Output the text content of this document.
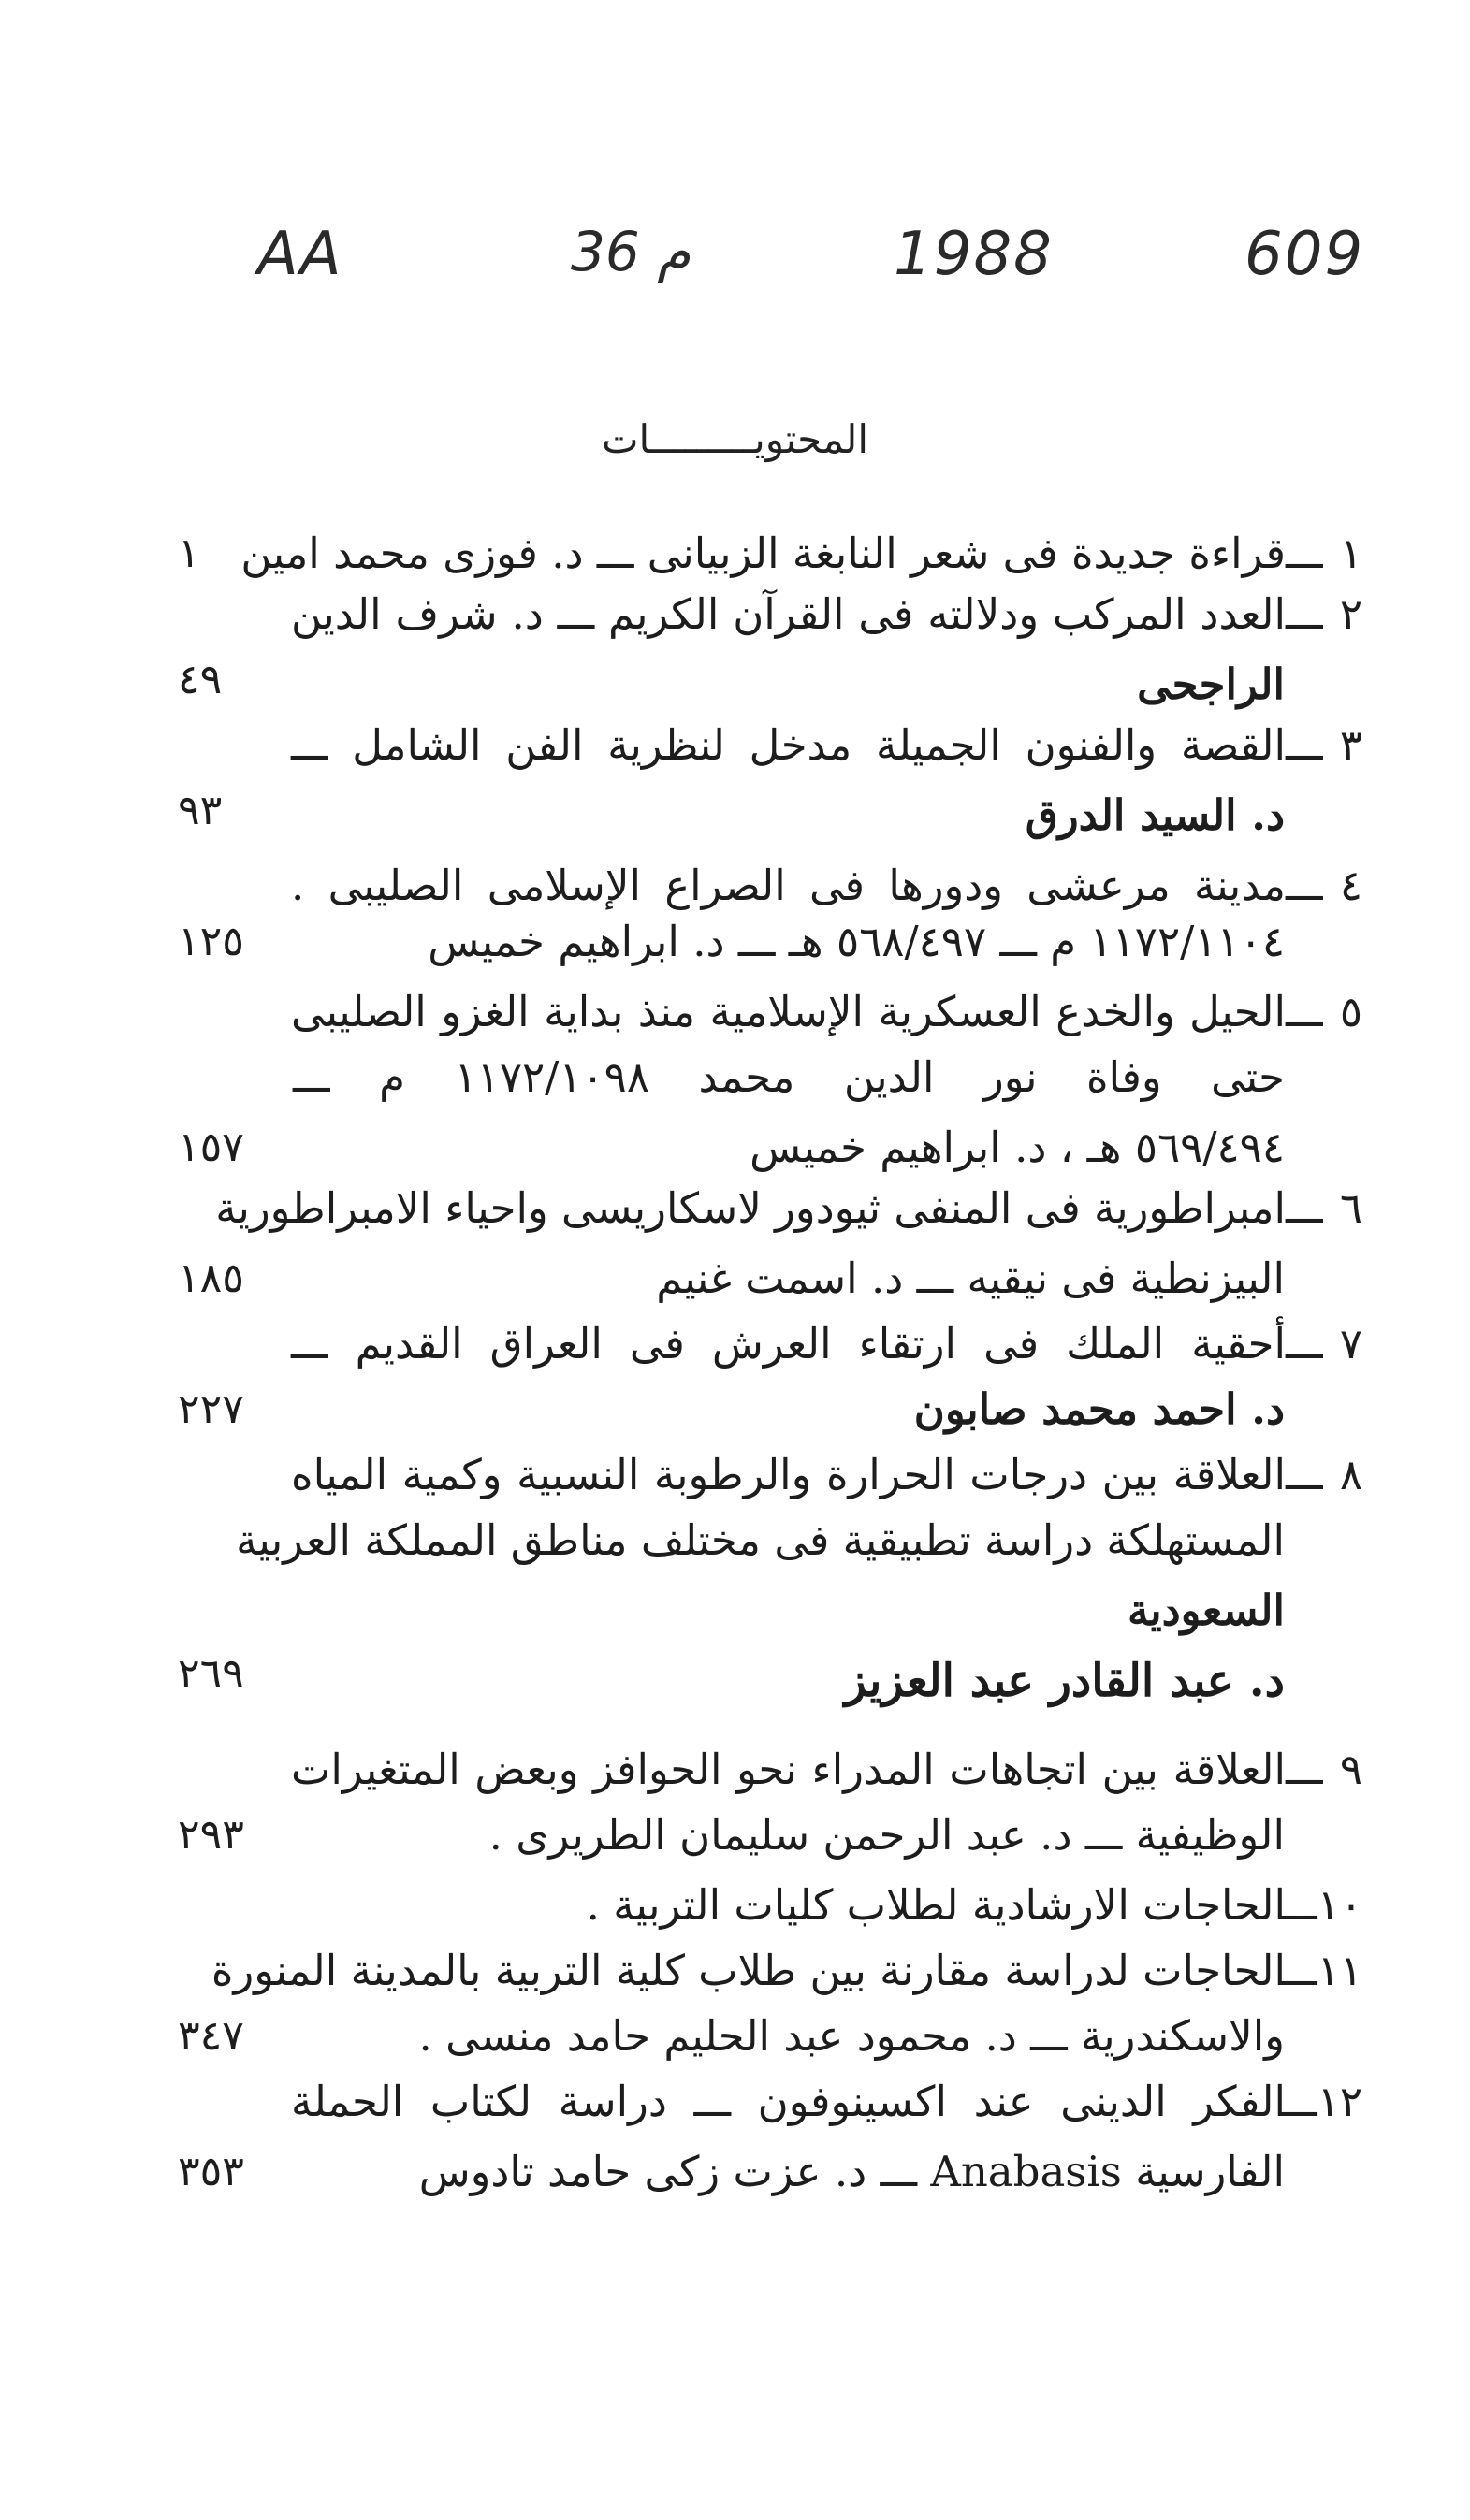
AA	36 م	1988	609
المحتويـــــــــات
١ ـــقراءة جديدة فى شعر النابغة الزبيانى ـــ د. فوزى محمد امين
١
٢ ـــالعدد المركب ودلالته فى القرآن الكريم ـــ د. شرف الدين
الراجحى
٤٩
٣ ـــالقصة والفنون الجميلة مدخل لنظرية الفن الشامل ـــ
د. السيد الدرق
٩٣
٤ ـــمدينة مرعشى ودورها فى الصراع الإسلامى الصليبى .
١١٧٢/١١٠٤ م ـــ ٥٦٨/٤٩٧ هـ ـــ د. ابراهيم خميس
١٢٥
٥ ـــالحيل والخدع العسكرية الإسلامية منذ بداية الغزو الصليبى
حتى وفاة نور الدين محمد ١١٧٢/١٠٩٨ م ـــ
٥٦٩/٤٩٤ هـ ، د. ابراهيم خميس
١٥٧
٦ ـــامبراطورية فى المنفى ثيودور لاسكاريسى واحياء الامبراطورية
البيزنطية فى نيقيه ـــ د. اسمت غنيم
١٨٥
٧ ـــأحقية الملك فى ارتقاء العرش فى العراق القديم ـــ
د. احمد محمد صابون
٢٢٧
٨ ـــالعلاقة بين درجات الحرارة والرطوبة النسبية وكمية المياه
المستهلكة دراسة تطبيقية فى مختلف مناطق المملكة العربية
السعودية
د. عبد القادر عبد العزيز
٢٦٩
٩ ـــالعلاقة بين اتجاهات المدراء نحو الحوافز وبعض المتغيرات
الوظيفية ـــ د. عبد الرحمن سليمان الطريرى .
٢٩٣
١٠ـــالحاجات الارشادية لطلاب كليات التربية .
١١ـــالحاجات لدراسة مقارنة بين طلاب كلية التربية بالمدينة المنورة
والاسكندرية ـــ د. محمود عبد الحليم حامد منسى .
٣٤٧
١٢ـــالفكر الدينى عند اكسينوفون ـــ دراسة لكتاب الحملة
الفارسية Anabasis ـــ د. عزت زكى حامد تادوس
٣٥٣
